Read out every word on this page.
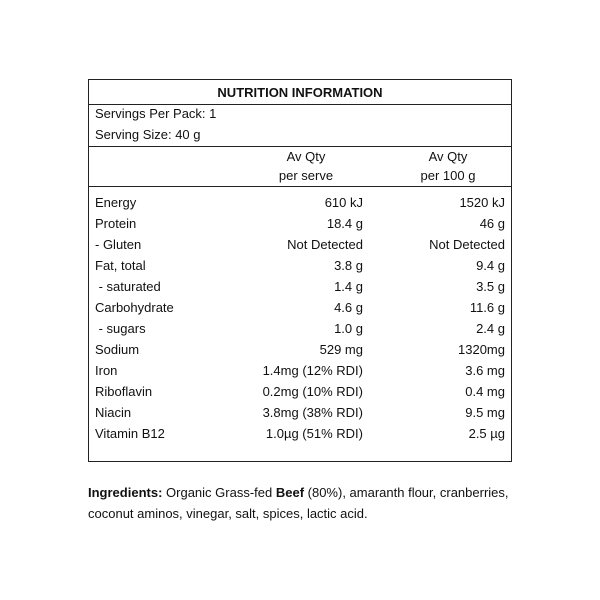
NUTRITION INFORMATION
Servings Per Pack: 1
Serving Size: 40 g
Av Qty
per serve
Av Qty
per 100 g
Energy	610 kJ	1520 kJ
Protein	18.4 g	46 g
- Gluten	Not Detected	Not Detected
Fat, total	3.8 g	9.4 g
- saturated	1.4 g	3.5 g
Carbohydrate	4.6 g	11.6 g
- sugars	1.0 g	2.4 g
Sodium	529 mg	1320mg
Iron	1.4mg (12% RDI)	3.6 mg
Riboflavin	0.2mg (10% RDI)	0.4 mg
Niacin	3.8mg (38% RDI)	9.5 mg
Vitamin B12	1.0µg (51% RDI)	2.5 µg
Ingredients: Organic Grass-fed Beef (80%), amaranth flour, cranberries, coconut aminos, vinegar, salt, spices, lactic acid.
